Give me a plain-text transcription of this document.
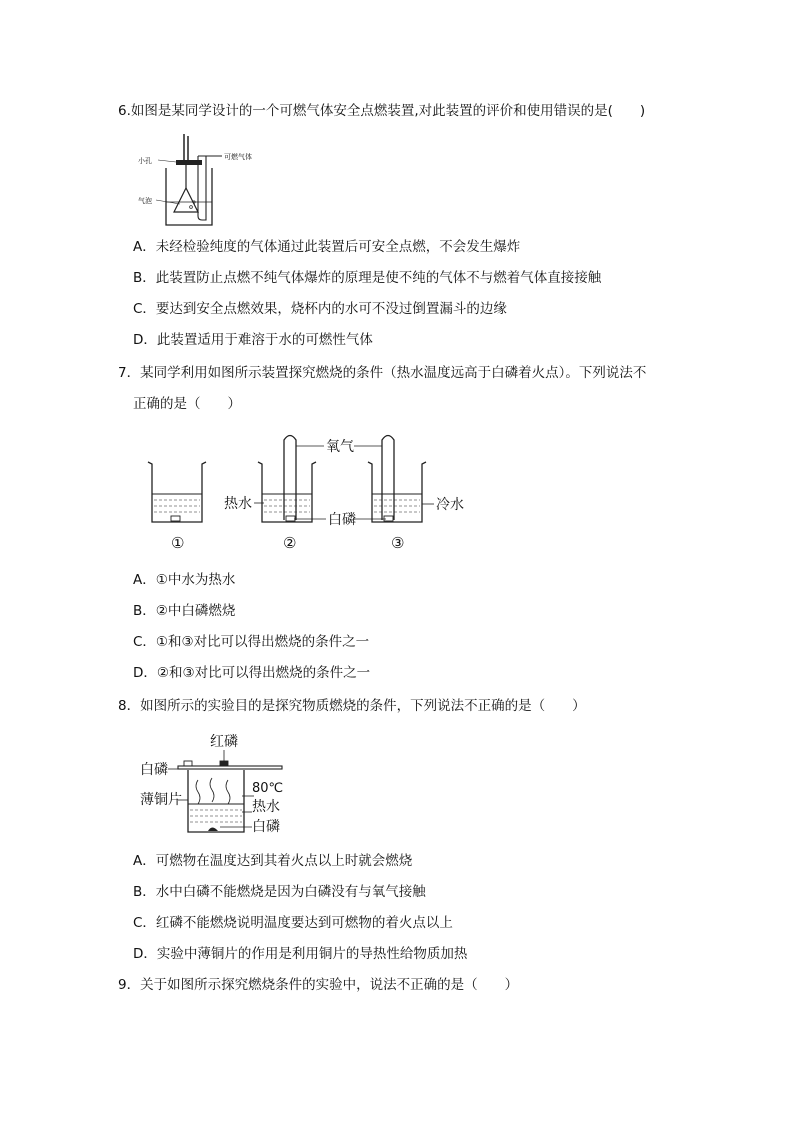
6.如图是某同学设计的一个可燃气体安全点燃装置,对此装置的评价和使用错误的是(　　)
小孔	可燃气体
气泡
A．未经检验纯度的气体通过此装置后可安全点燃，不会发生爆炸
B．此装置防止点燃不纯气体爆炸的原理是使不纯的气体不与燃着气体直接接触
C．要达到安全点燃效果，烧杯内的水可不没过倒置漏斗的边缘
D．此装置适用于难溶于水的可燃性气体
7．某同学利用如图所示装置探究燃烧的条件（热水温度远高于白磷着火点）。下列说法不
正确的是（　　）
氧气
热水
白磷
冷水
①	②	③
A．①中水为热水
B．②中白磷燃烧
C．①和③对比可以得出燃烧的条件之一
D．②和③对比可以得出燃烧的条件之一
8．如图所示的实验目的是探究物质燃烧的条件，下列说法不正确的是（　　）
红磷
白磷
薄铜片
80℃
热水
白磷
A．可燃物在温度达到其着火点以上时就会燃烧
B．水中白磷不能燃烧是因为白磷没有与氧气接触
C．红磷不能燃烧说明温度要达到可燃物的着火点以上
D．实验中薄铜片的作用是利用铜片的导热性给物质加热
9．关于如图所示探究燃烧条件的实验中，说法不正确的是（　　）
